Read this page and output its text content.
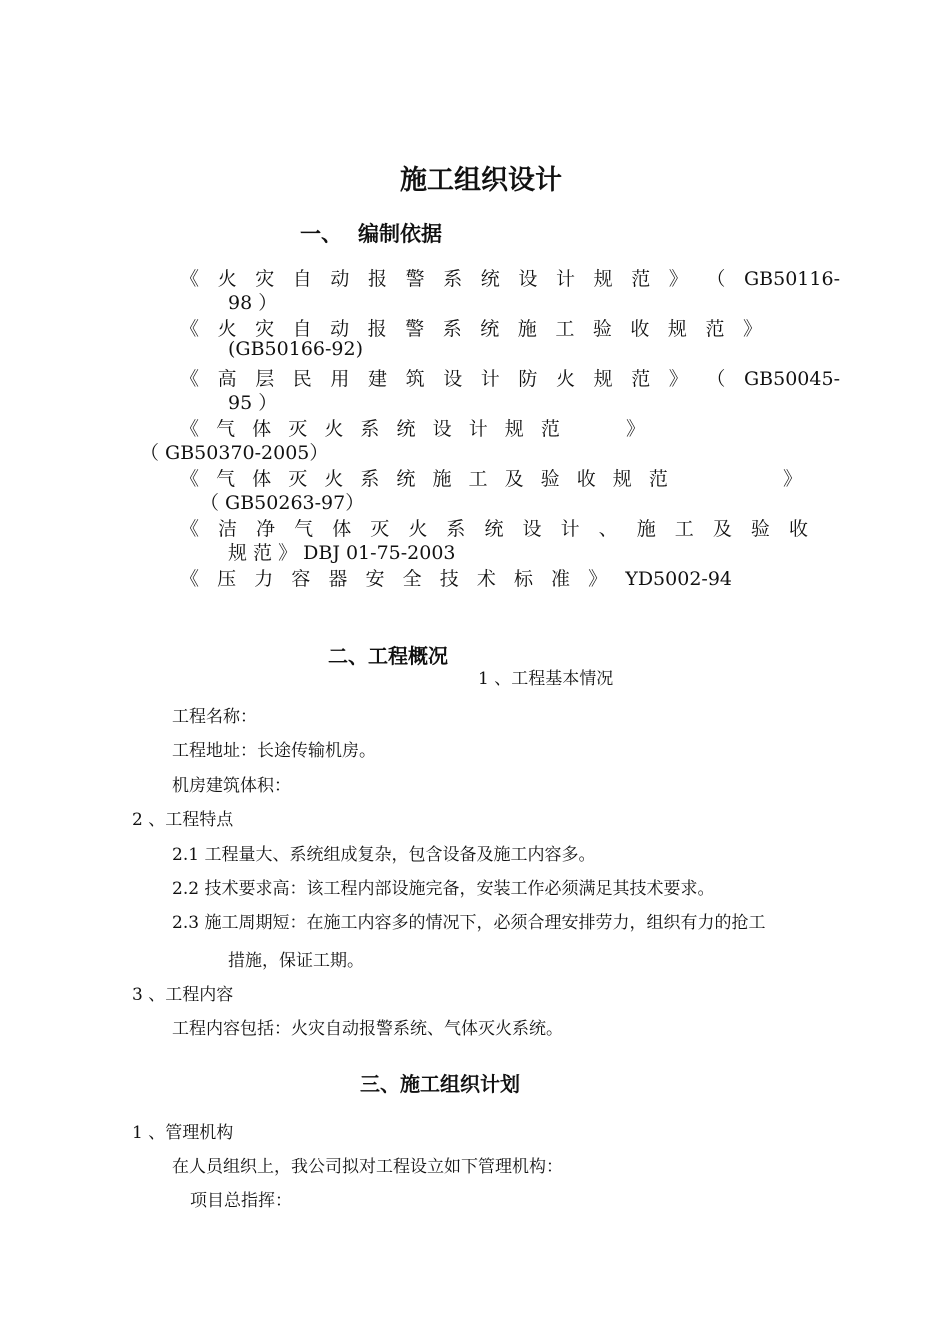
施工组织设计
一、 编制依据
《 火 灾 自 动 报 警 系 统 设 计 规 范 》 （ GB50116-
98 ）
《 火 灾 自 动 报 警 系 统 施 工 验 收 规 范 》
(GB50166-92)
《 高 层 民 用 建 筑 设 计 防 火 规 范 》 （ GB50045-
95 ）
《 气 体 灭 火 系 统 设 计 规 范　　 》
（ GB50370-2005）
《 气 体 灭 火 系 统 施 工 及 验 收 规 范　　　　 》
（ GB50263-97）
《 洁 净 气 体 灭 火 系 统 设 计 、 施 工 及 验 收
规 范 》 DBJ 01-75-2003
《 压 力 容 器 安 全 技 术 标 准 》 YD5002-94
二、工程概况
1 、工程基本情况
工程名称：
工程地址：长途传输机房。
机房建筑体积：
2 、工程特点
2.1 工程量大、系统组成复杂，包含设备及施工内容多。
2.2 技术要求高：该工程内部设施完备，安装工作必须满足其技术要求。
2.3 施工周期短：在施工内容多的情况下，必须合理安排劳力，组织有力的抢工
措施，保证工期。
3 、工程内容
工程内容包括：火灾自动报警系统、气体灭火系统。
三、施工组织计划
1 、管理机构
在人员组织上，我公司拟对工程设立如下管理机构：
项目总指挥：
